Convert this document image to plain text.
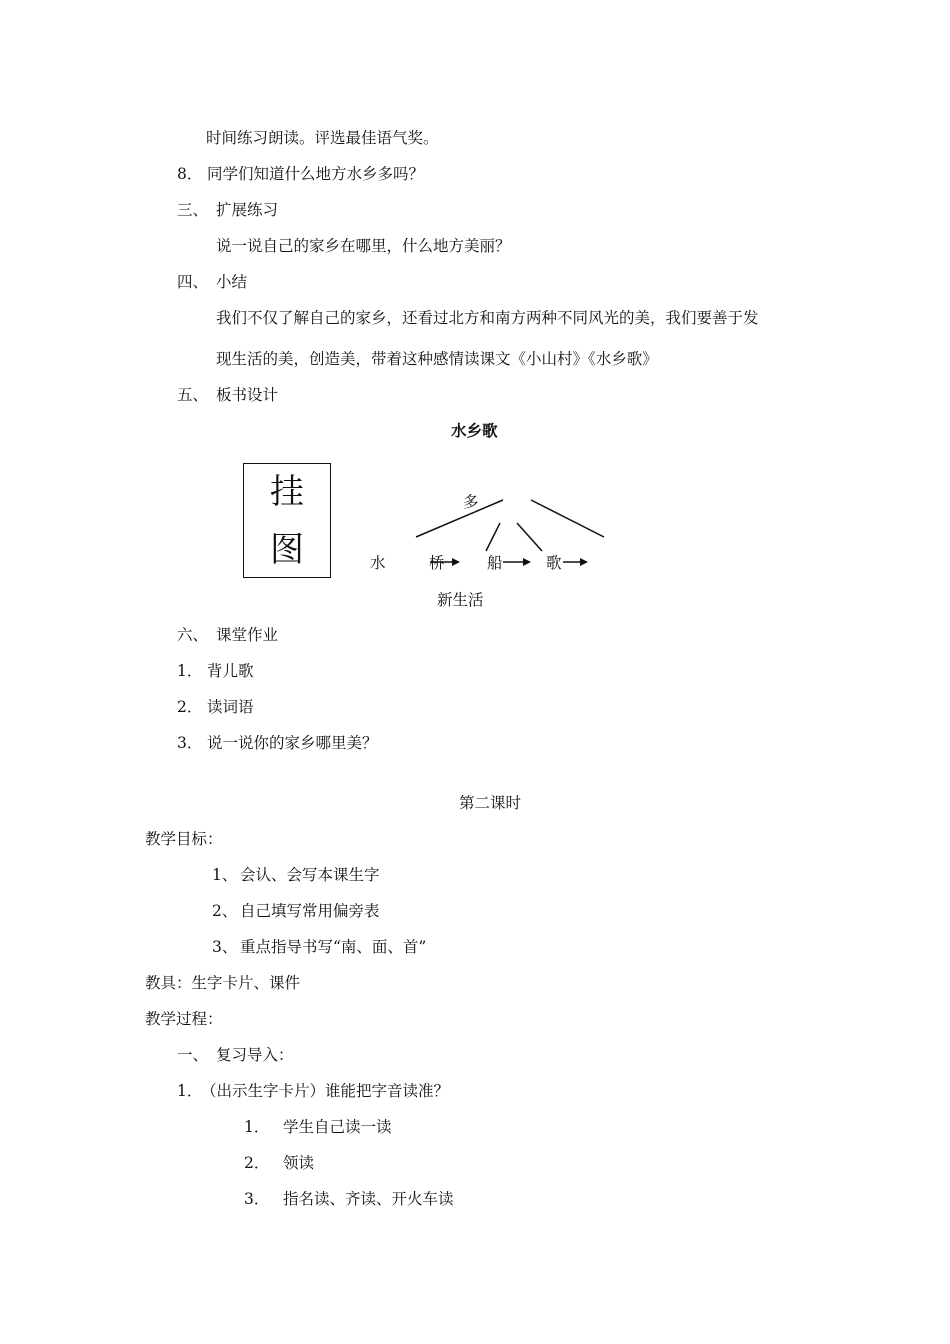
时间练习朗读。评选最佳语气奖。
8． 同学们知道什么地方水乡多吗？
三、 扩展练习
说一说自己的家乡在哪里，什么地方美丽？
四、 小结
我们不仅了解自己的家乡，还看过北方和南方两种不同风光的美，我们要善于发
现生活的美，创造美，带着这种感情读课文《小山村》《水乡歌》
五、 板书设计
水乡歌
挂
图
多
水	桥	船	歌
新生活
六、 课堂作业
1． 背儿歌
2． 读词语
3． 说一说你的家乡哪里美？
第二课时
教学目标：
1、 会认、会写本课生字
2、 自己填写常用偏旁表
3、 重点指导书写“南、面、首”
教具：生字卡片、课件
教学过程：
一、 复习导入：
1．（出示生字卡片）谁能把字音读准？
1． 学生自己读一读
2． 领读
3． 指名读、齐读、开火车读
